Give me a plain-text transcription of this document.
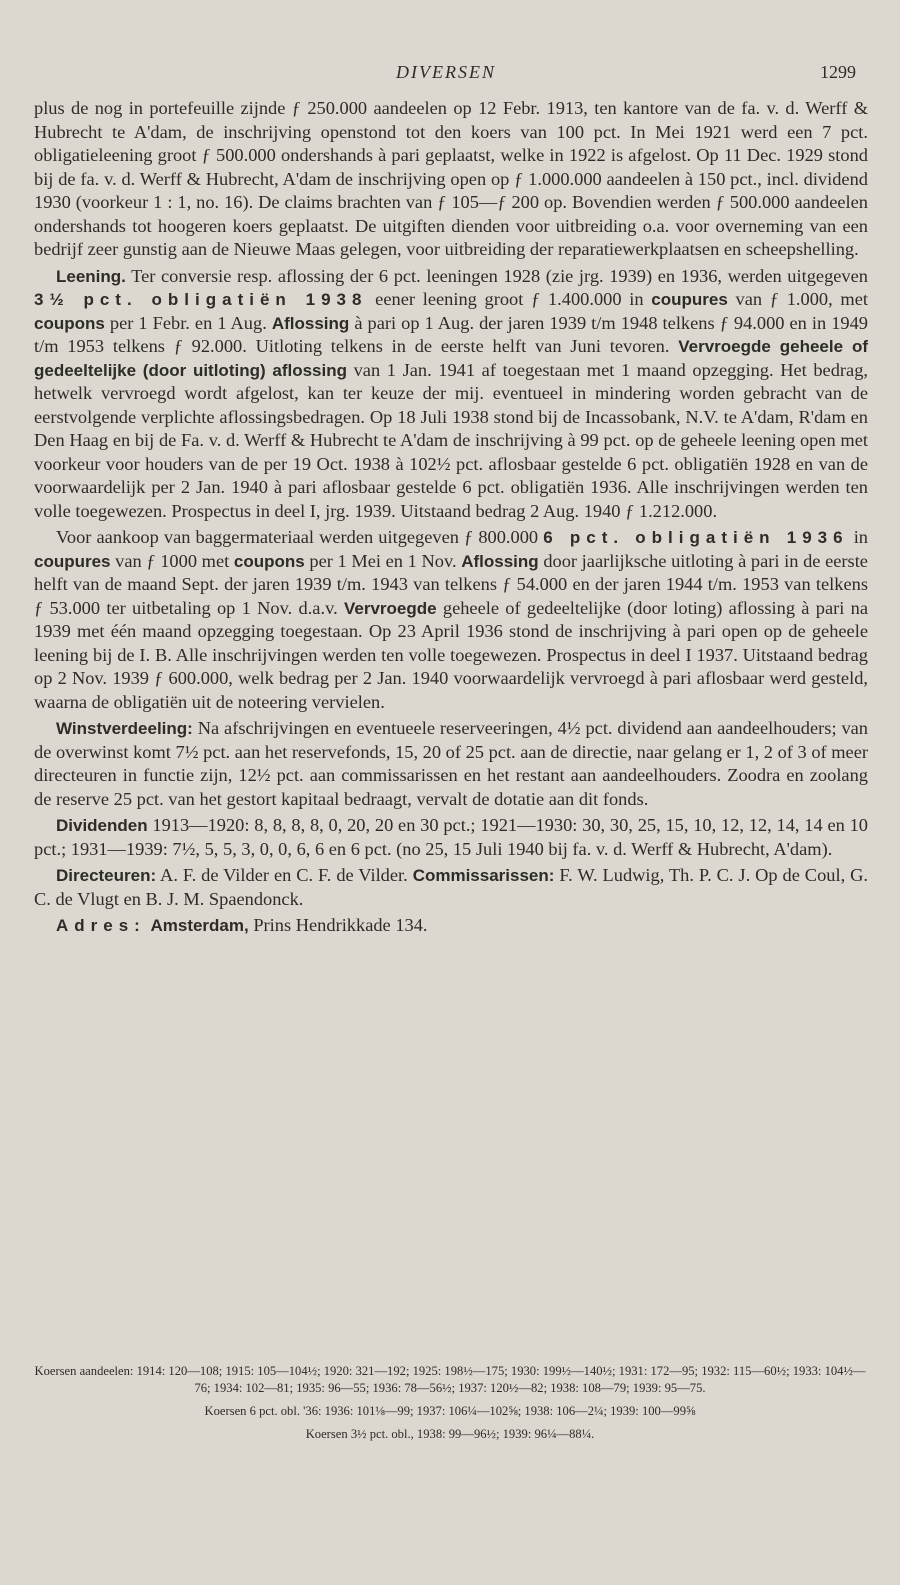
DIVERSEN	1299

plus de nog in portefeuille zijnde ƒ 250.000 aandeelen op 12 Febr. 1913, ten kantore van de fa. v. d. Werff & Hubrecht te A'dam, de inschrijving openstond tot den koers van 100 pct. In Mei 1921 werd een 7 pct. obligatieleening groot ƒ 500.000 ondershands à pari geplaatst, welke in 1922 is afgelost. Op 11 Dec. 1929 stond bij de fa. v. d. Werff & Hubrecht, A'dam de inschrijving open op ƒ 1.000.000 aandeelen à 150 pct., incl. dividend 1930 (voorkeur 1 : 1, no. 16). De claims brachten van ƒ 105—ƒ 200 op. Bovendien werden ƒ 500.000 aandeelen ondershands tot hoogeren koers geplaatst. De uitgiften dienden voor uitbreiding o.a. voor overneming van een bedrijf zeer gunstig aan de Nieuwe Maas gelegen, voor uitbreiding der reparatiewerkplaatsen en scheepshelling.

Leening. Ter conversie resp. aflossing der 6 pct. leeningen 1928 (zie jrg. 1939) en 1936, werden uitgegeven 3½ pct. obligatiën 1938 eener leening groot ƒ 1.400.000 in coupures van ƒ 1.000, met coupons per 1 Febr. en 1 Aug. Aflossing à pari op 1 Aug. der jaren 1939 t/m 1948 telkens ƒ 94.000 en in 1949 t/m 1953 telkens ƒ 92.000. Uitloting telkens in de eerste helft van Juni tevoren. Vervroegde geheele of gedeeltelijke (door uitloting) aflossing van 1 Jan. 1941 af toegestaan met 1 maand opzegging. Het bedrag, hetwelk vervroegd wordt afgelost, kan ter keuze der mij. eventueel in mindering worden gebracht van de eerstvolgende verplichte aflossingsbedragen. Op 18 Juli 1938 stond bij de Incassobank, N.V. te A'dam, R'dam en Den Haag en bij de Fa. v. d. Werff & Hubrecht te A'dam de inschrijving à 99 pct. op de geheele leening open met voorkeur voor houders van de per 19 Oct. 1938 à 102½ pct. aflosbaar gestelde 6 pct. obligatiën 1928 en van de voorwaardelijk per 2 Jan. 1940 à pari aflosbaar gestelde 6 pct. obligatiën 1936. Alle inschrijvingen werden ten volle toegewezen. Prospectus in deel I, jrg. 1939. Uitstaand bedrag 2 Aug. 1940 ƒ 1.212.000.

Voor aankoop van baggermateriaal werden uitgegeven ƒ 800.000 6 pct. obligatiën 1936 in coupures van ƒ 1000 met coupons per 1 Mei en 1 Nov. Aflossing door jaarlijksche uitloting à pari in de eerste helft van de maand Sept. der jaren 1939 t/m. 1943 van telkens ƒ 54.000 en der jaren 1944 t/m. 1953 van telkens ƒ 53.000 ter uitbetaling op 1 Nov. d.a.v. Vervroegde geheele of gedeeltelijke (door loting) aflossing à pari na 1939 met één maand opzegging toegestaan. Op 23 April 1936 stond de inschrijving à pari open op de geheele leening bij de I. B. Alle inschrijvingen werden ten volle toegewezen. Prospectus in deel I 1937. Uitstaand bedrag op 2 Nov. 1939 ƒ 600.000, welk bedrag per 2 Jan. 1940 voorwaardelijk vervroegd à pari aflosbaar werd gesteld, waarna de obligatiën uit de noteering vervielen.

Winstverdeeling: Na afschrijvingen en eventueele reserveeringen, 4½ pct. dividend aan aandeelhouders; van de overwinst komt 7½ pct. aan het reservefonds, 15, 20 of 25 pct. aan de directie, naar gelang er 1, 2 of 3 of meer directeuren in functie zijn, 12½ pct. aan commissarissen en het restant aan aandeelhouders. Zoodra en zoolang de reserve 25 pct. van het gestort kapitaal bedraagt, vervalt de dotatie aan dit fonds.

Dividenden 1913—1920: 8, 8, 8, 8, 0, 20, 20 en 30 pct.; 1921—1930: 30, 30, 25, 15, 10, 12, 12, 14, 14 en 10 pct.; 1931—1939: 7½, 5, 5, 3, 0, 0, 6, 6 en 6 pct. (no 25, 15 Juli 1940 bij fa. v. d. Werff & Hubrecht, A'dam).

Directeuren: A. F. de Vilder en C. F. de Vilder. Commissarissen: F. W. Ludwig, Th. P. C. J. Op de Coul, G. C. de Vlugt en B. J. M. Spaendonck.

Adres: Amsterdam, Prins Hendrikkade 134.

Koersen aandeelen: 1914: 120—108; 1915: 105—104½; 1920: 321—192; 1925: 198½—175; 1930: 199½—140½; 1931: 172—95; 1932: 115—60½; 1933: 104½—76; 1934: 102—81; 1935: 96—55; 1936: 78—56½; 1937: 120½—82; 1938: 108—79; 1939: 95—75.

Koersen 6 pct. obl. '36: 1936: 101⅛—99; 1937: 106¼—102⅝; 1938: 106—2¼; 1939: 100—99⅝

Koersen 3½ pct. obl., 1938: 99—96½; 1939: 96¼—88¼.
